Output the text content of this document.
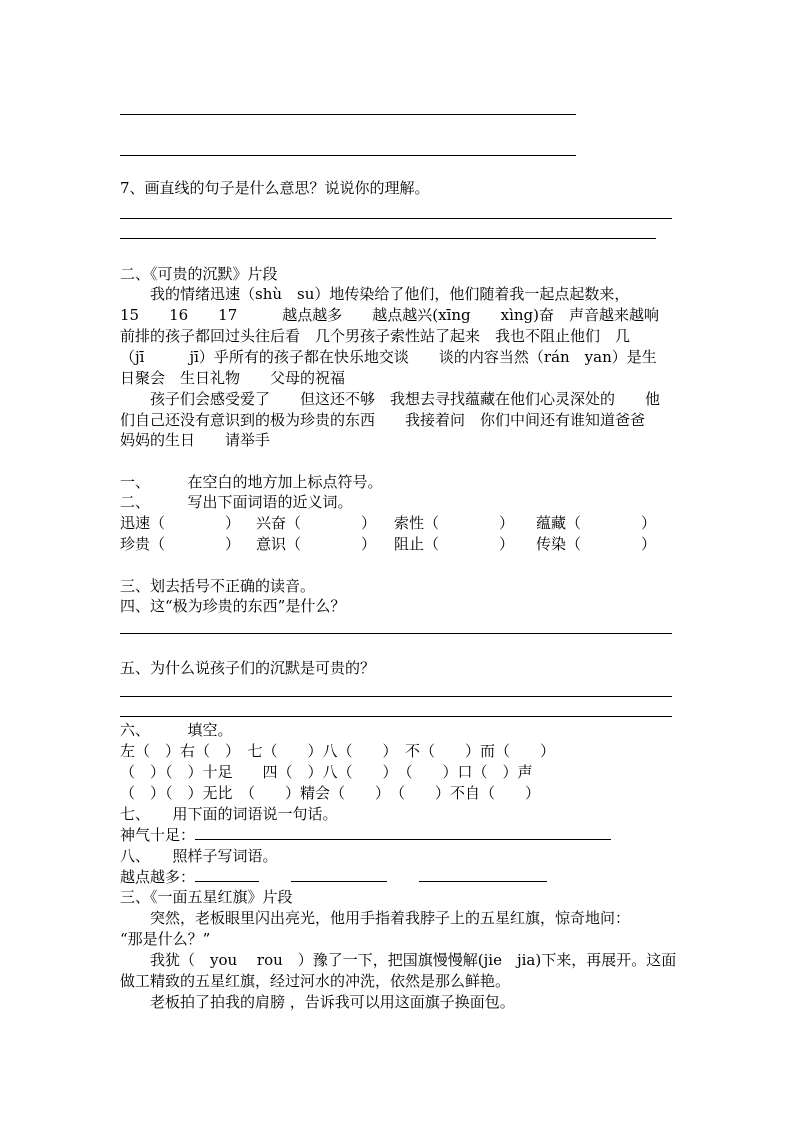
7、画直线的句子是什么意思？说说你的理解。
二、《可贵的沉默》片段
我的情绪迅速（shù　su）地传染给了他们，他们随着我一起点起数来，
15　　16　　17　　　越点越多　　越点越兴(xīng　　xìng)奋　声音越来越响
前排的孩子都回过头往后看　几个男孩子索性站了起来　我也不阻止他们　几
（jī　　　jī）乎所有的孩子都在快乐地交谈　　谈的内容当然（rán　yan）是生
日聚会　生日礼物　　父母的祝福
孩子们会感受爱了　　但这还不够　我想去寻找蕴藏在他们心灵深处的　　他
们自己还没有意识到的极为珍贵的东西　　我接着问　你们中间还有谁知道爸爸
妈妈的生日　　请举手
一、　　　在空白的地方加上标点符号。
二、　　　写出下面词语的近义词。
迅速（　　　　） 兴奋（　　　　） 索性（　　　　） 蕴藏（　　　　）
珍贵（　　　　） 意识（　　　　） 阻止（　　　　） 传染（　　　　）
三、划去括号不正确的读音。
四、这“极为珍贵的东西”是什么？
五、为什么说孩子们的沉默是可贵的？
六、　　　填空。
左（　）右（　）　七（　　）八（　　）　不（　　）而（　　）
（　）（　）十足　　四（　）八（　　）　（　　）口（　）声
（　）（　）无比　（　　）精会（　　）　（　　）不自（　　）
七、　　用下面的词语说一句话。
神气十足：
八、　　照样子写词语。
越点越多：
三、《一面五星红旗》片段
突然，老板眼里闪出亮光，他用手指着我脖子上的五星红旗，惊奇地问：
“那是什么？”
我犹（　you　 rou　）豫了一下，把国旗慢慢解(jie　jia)下来，再展开。这面
做工精致的五星红旗，经过河水的冲洗，依然是那么鲜艳。
老板拍了拍我的肩膀 ，告诉我可以用这面旗子换面包。
